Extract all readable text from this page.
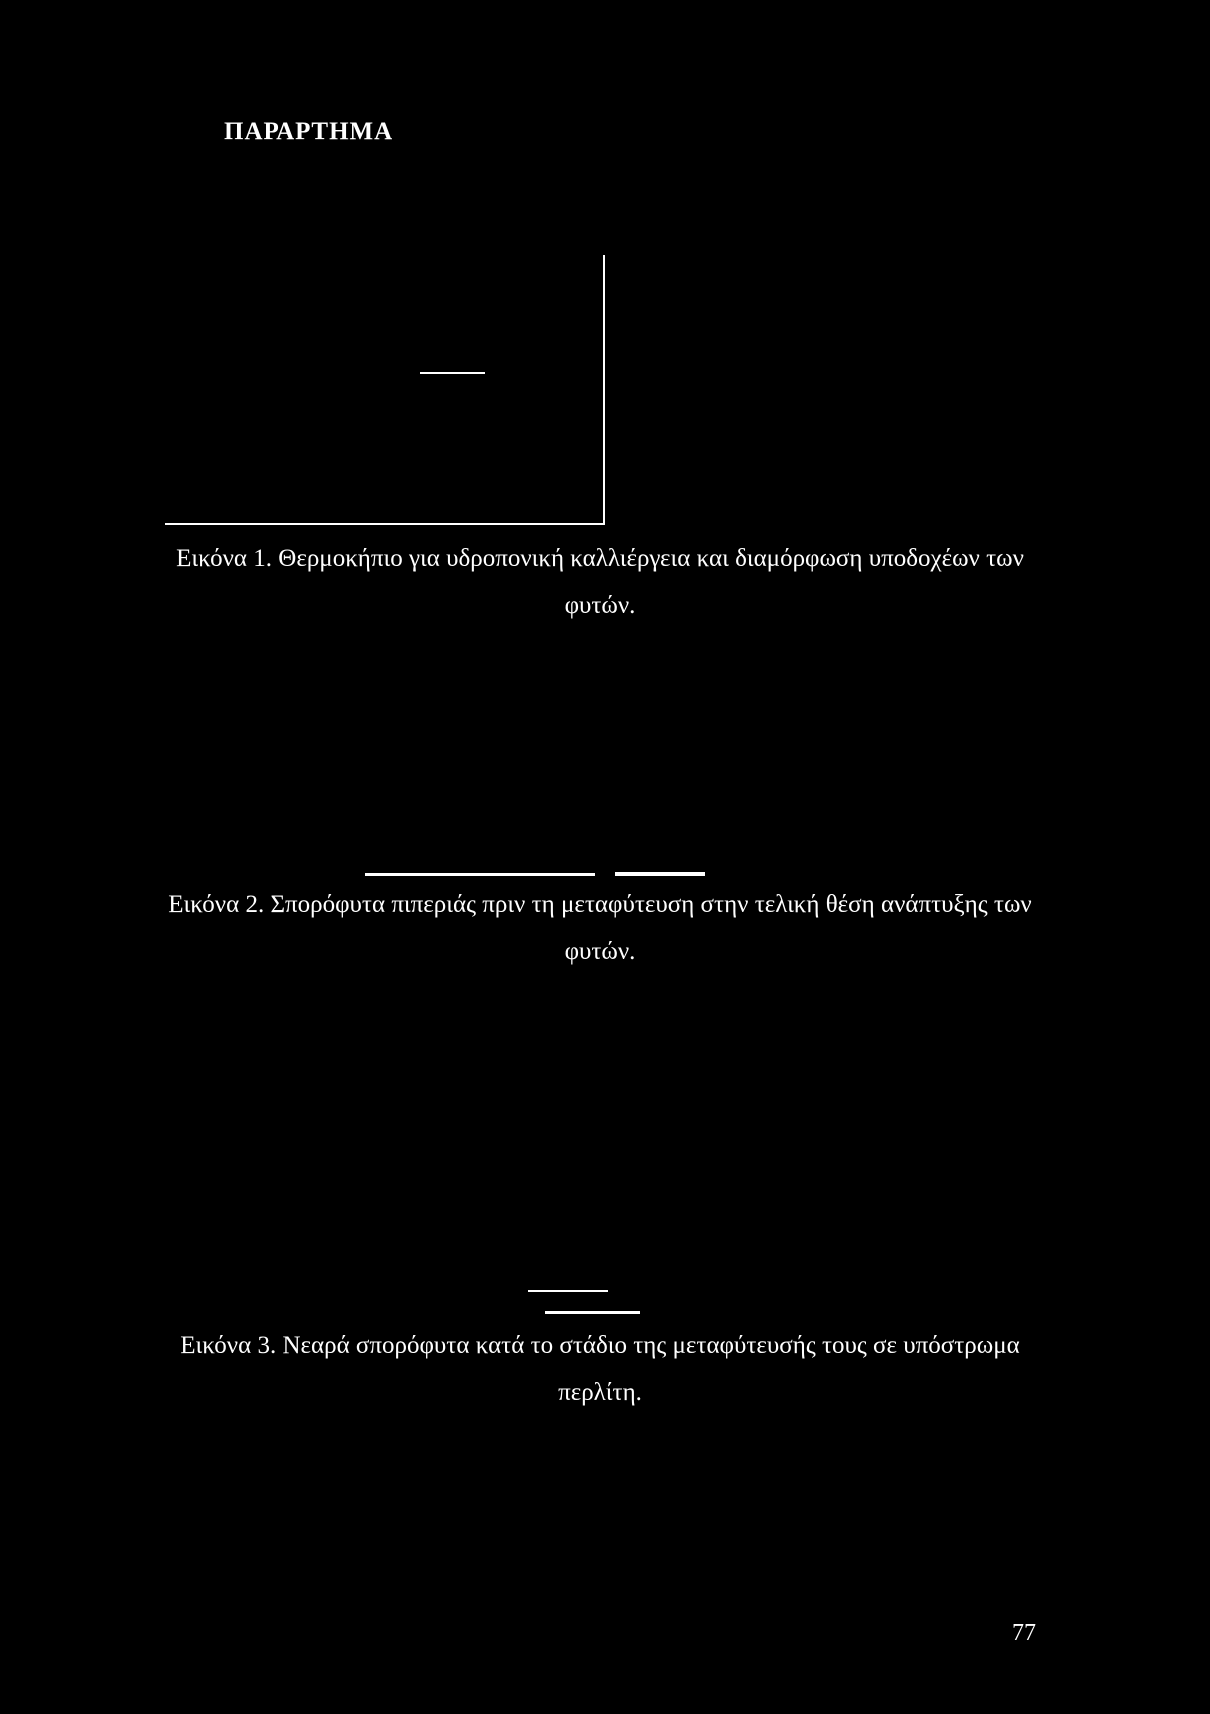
ΠΑΡΑΡΤΗΜΑ
Εικόνα 1. Θερμοκήπιο για υδροπονική καλλιέργεια και διαμόρφωση υποδοχέων των
φυτών.
Εικόνα 2. Σπορόφυτα πιπεριάς πριν τη μεταφύτευση στην τελική θέση ανάπτυξης των
φυτών.
Εικόνα 3. Νεαρά σπορόφυτα κατά το στάδιο της μεταφύτευσής τους σε υπόστρωμα
περλίτη.

77
